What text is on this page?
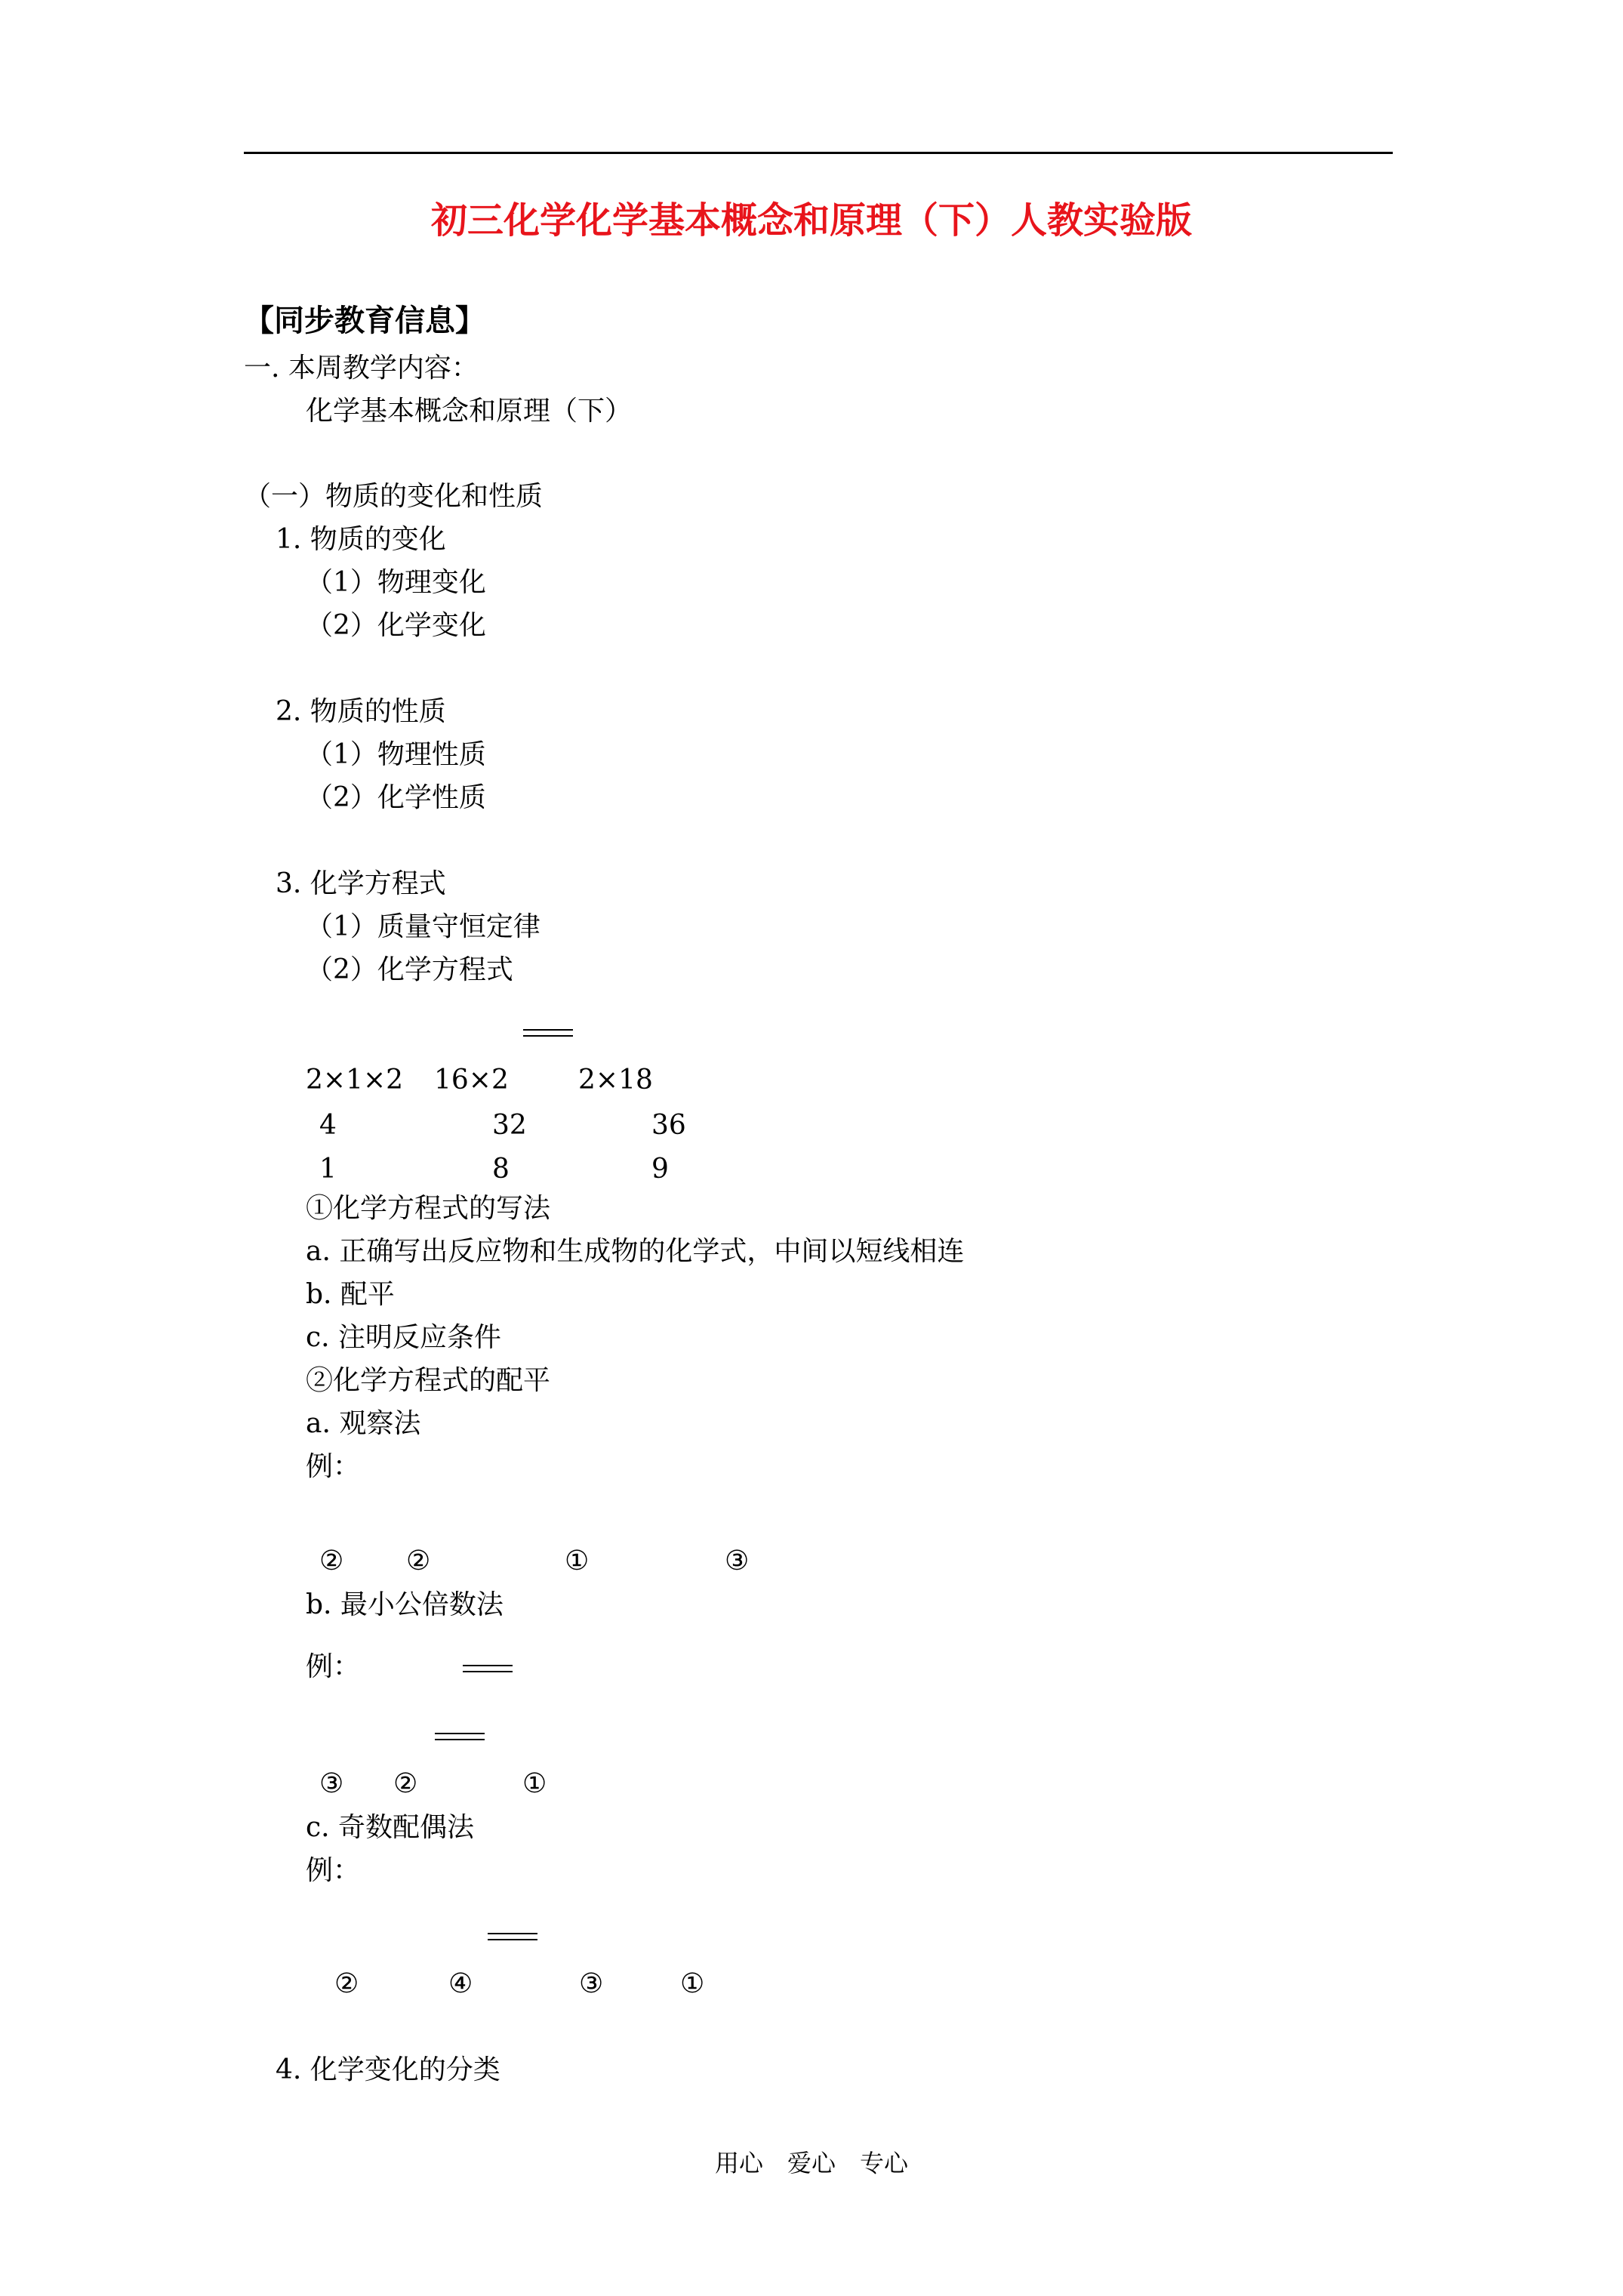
初三化学化学基本概念和原理（下）人教实验版
【同步教育信息】
一. 本周教学内容：
化学基本概念和原理（下）
（一）物质的变化和性质
1. 物质的变化
（1）物理变化
（2）化学变化
2. 物质的性质
（1）物理性质
（2）化学性质
3. 化学方程式
（1）质量守恒定律
（2）化学方程式
2×1×2 16×2	2×18
4	32	36
1	8	9
①化学方程式的写法
a. 正确写出反应物和生成物的化学式，中间以短线相连
b. 配平
c. 注明反应条件
②化学方程式的配平
a. 观察法
例：
② ②	①	③
b. 最小公倍数法
例：
③ ②	①
c. 奇数配偶法
例：
②	④	③	①
4. 化学变化的分类
用心　爱心　专心
